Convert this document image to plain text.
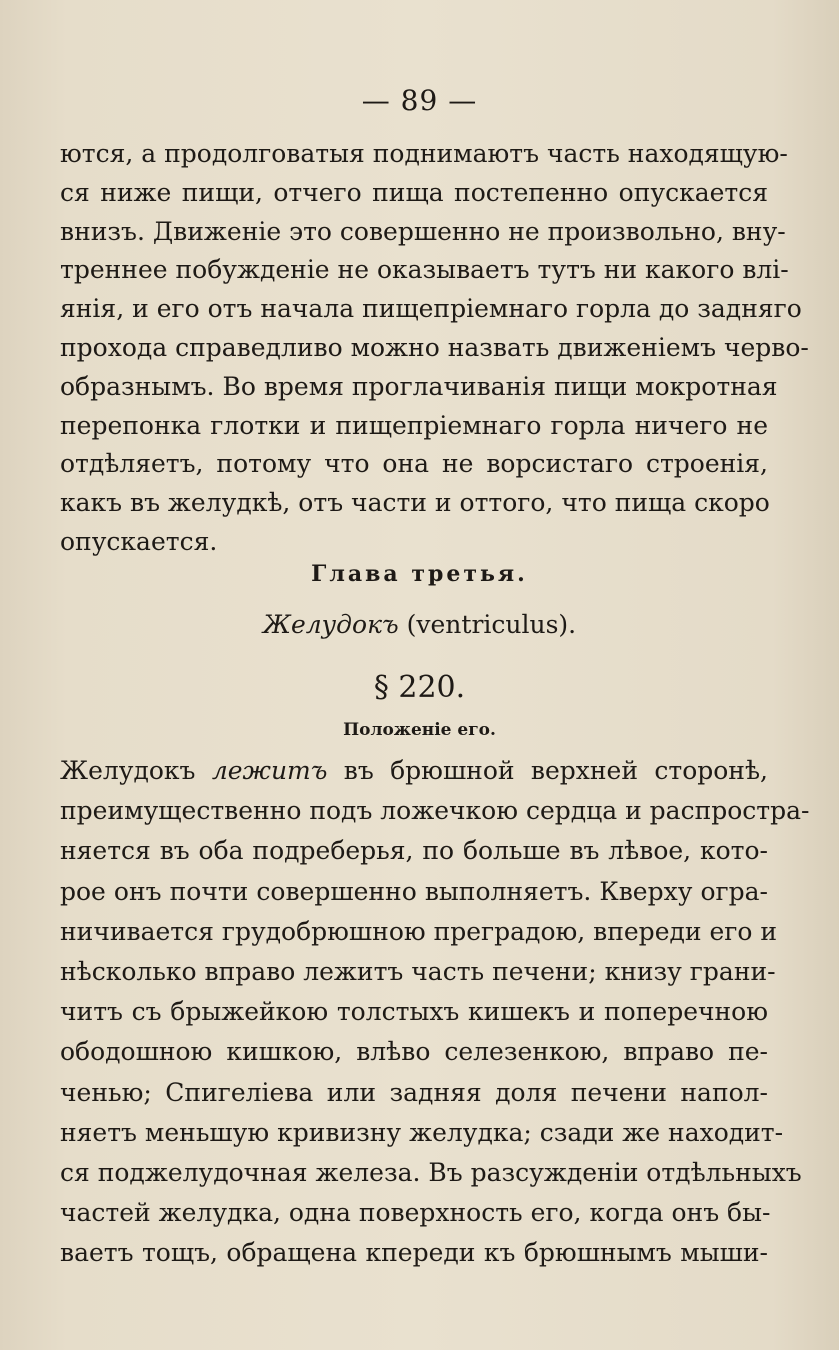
— 89 —
ются, а продолговатыя поднимаютъ часть находящую-
ся ниже пищи, отчего пища постепенно опускается
внизъ. Движеніе это совершенно не произвольно, вну-
треннее побужденіе не оказываетъ тутъ ни какого влі-
янія, и его отъ начала пищепріемнаго горла до задняго
прохода справедливо можно назвать движеніемъ черво-
образнымъ. Во время проглачиванія пищи мокротная
перепонка глотки и пищепріемнаго горла ничего не
отдѣляетъ, потому что она не ворсистаго строенія,
какъ въ желудкѣ, отъ части и оттого, что пища скоро
опускается.
Глава третья.
Желудокъ (ventriculus).
§ 220.
Положеніе его.
Желудокъ лежитъ въ брюшной верхней сторонѣ,
преимущественно подъ ложечкою сердца и распростра-
няется въ оба подреберья, по больше въ лѣвое, кото-
рое онъ почти совершенно выполняетъ. Кверху огра-
ничивается грудобрюшною преградою, впереди его и
нѣсколько вправо лежитъ часть печени; книзу грани-
читъ съ брыжейкою толстыхъ кишекъ и поперечною
ободошною кишкою, влѣво селезенкою, вправо пе-
ченью; Спигеліева или задняя доля печени напол-
няетъ меньшую кривизну желудка; сзади же находит-
ся поджелудочная железа. Въ разсужденіи отдѣльныхъ
частей желудка, одна поверхность его, когда онъ бы-
ваетъ тощъ, обращена кпереди къ брюшнымъ мыши-
